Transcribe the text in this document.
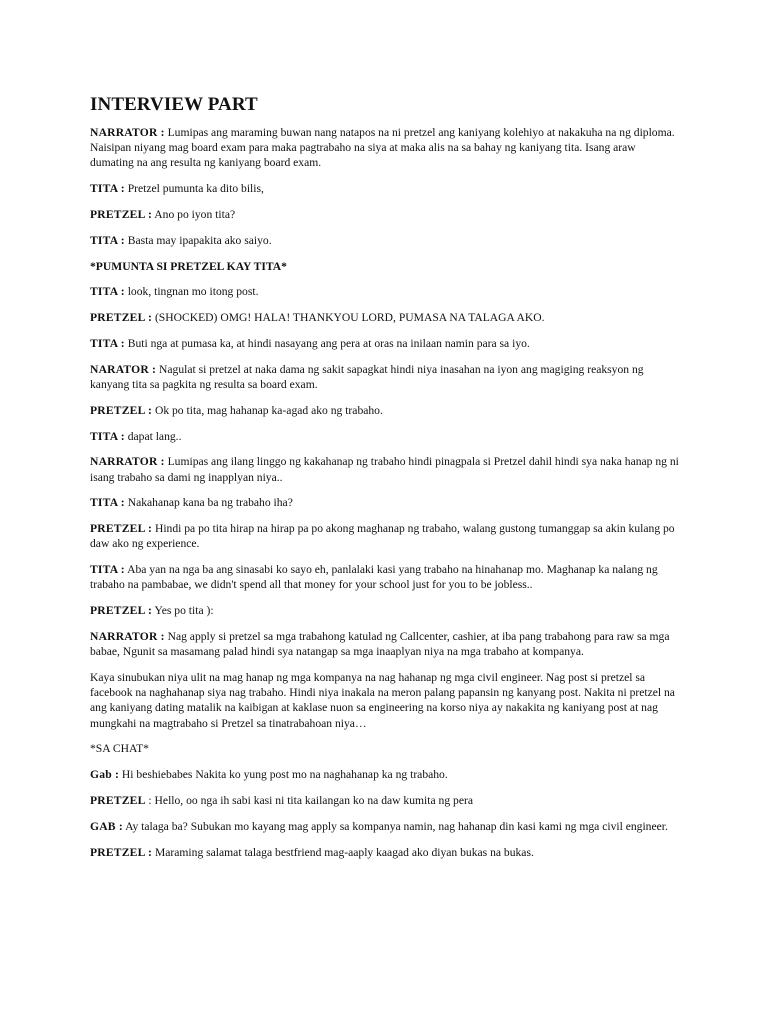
INTERVIEW PART
NARRATOR : Lumipas ang maraming buwan nang natapos na ni pretzel ang kaniyang kolehiyo at nakakuha na ng diploma. Naisipan niyang mag board exam para maka pagtrabaho na siya at maka alis na sa bahay ng kaniyang tita. Isang araw dumating na ang resulta ng kaniyang board exam.
TITA : Pretzel pumunta ka dito bilis,
PRETZEL : Ano po iyon tita?
TITA : Basta may ipapakita ako saiyo.
*PUMUNTA SI PRETZEL KAY TITA*
TITA : look, tingnan mo itong post.
PRETZEL : (SHOCKED) OMG! HALA! THANKYOU LORD, PUMASA NA TALAGA AKO.
TITA : Buti nga at pumasa ka, at hindi nasayang ang pera at oras na inilaan namin para sa iyo.
NARATOR : Nagulat si pretzel at naka dama ng sakit sapagkat hindi niya inasahan na iyon ang magiging reaksyon ng kanyang tita sa pagkita ng resulta sa board exam.
PRETZEL : Ok po tita, mag hahanap ka-agad ako ng trabaho.
TITA : dapat lang..
NARRATOR : Lumipas ang ilang linggo ng kakahanap ng trabaho hindi pinagpala si Pretzel dahil hindi sya naka hanap ng ni isang trabaho sa dami ng inapplyan niya..
TITA : Nakahanap kana ba ng trabaho iha?
PRETZEL : Hindi pa po tita hirap na hirap pa po akong maghanap ng trabaho, walang gustong tumanggap sa akin kulang po daw ako ng experience.
TITA : Aba yan na nga ba ang sinasabi ko sayo eh, panlalaki kasi yang trabaho na hinahanap mo. Maghanap ka nalang ng trabaho na pambabae, we didn't spend all that money for your school just for you to be jobless..
PRETZEL : Yes po tita ):
NARRATOR : Nag apply si pretzel sa mga trabahong katulad ng Callcenter, cashier, at iba pang trabahong para raw sa mga babae, Ngunit sa masamang palad hindi sya natangap sa mga inaaplyan niya na mga trabaho at kompanya.
Kaya sinubukan niya ulit na mag hanap ng mga kompanya na nag hahanap ng mga civil engineer. Nag post si pretzel sa facebook na naghahanap siya nag trabaho. Hindi niya inakala na meron palang papansin ng kanyang post. Nakita ni pretzel na ang kaniyang dating matalik na kaibigan at kaklase nuon sa engineering na korso niya ay nakakita ng kaniyang post at nag mungkahi na magtrabaho si Pretzel sa tinatrabahoan niya…
*SA CHAT*
Gab : Hi beshiebabes Nakita ko yung post mo na naghahanap ka ng trabaho.
PRETZEL : Hello, oo nga ih sabi kasi ni tita kailangan ko na daw kumita ng pera
GAB : Ay talaga ba? Subukan mo kayang mag apply sa kompanya namin, nag hahanap din kasi kami ng mga civil engineer.
PRETZEL : Maraming salamat talaga bestfriend mag-aaply kaagad ako diyan bukas na bukas.
